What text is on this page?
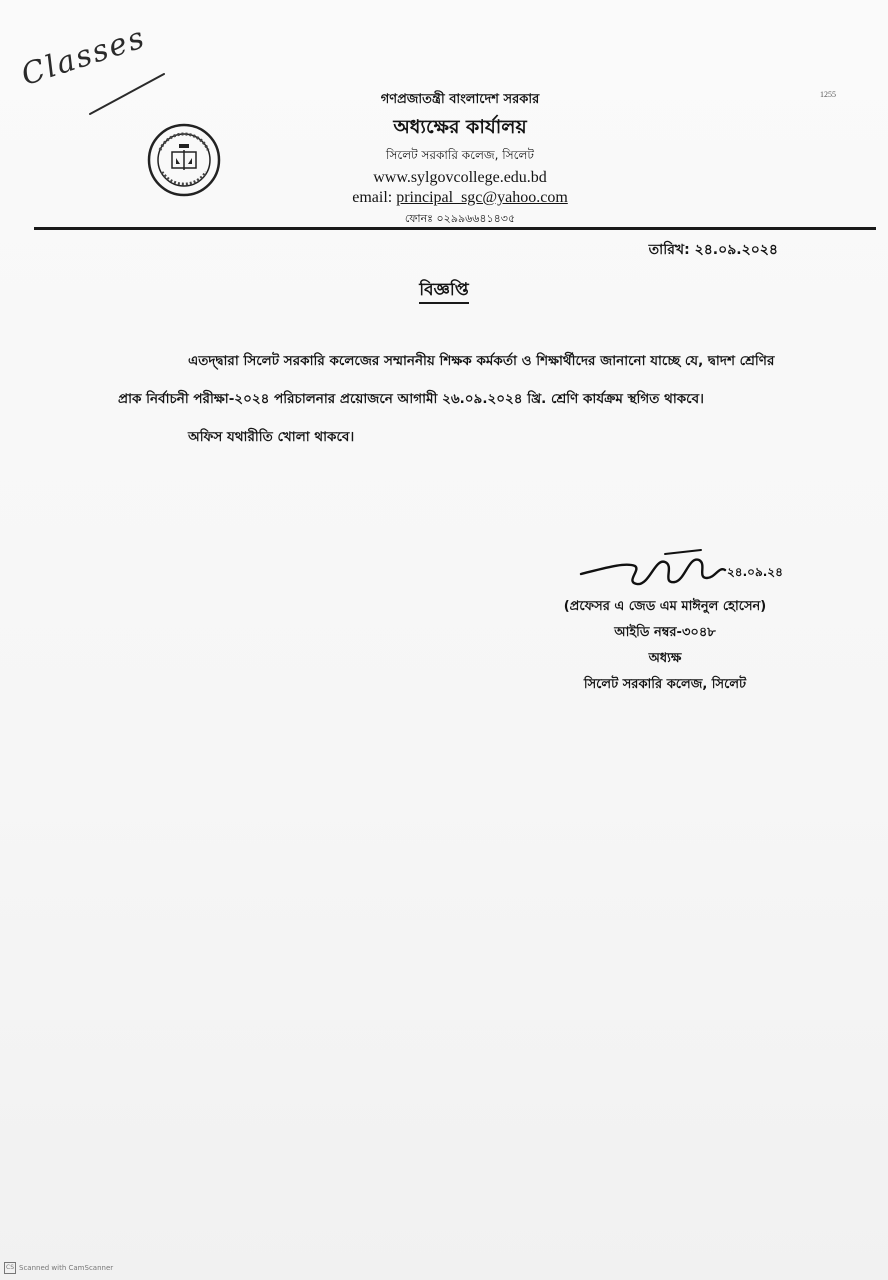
Classes

গণপ্রজাতন্ত্রী বাংলাদেশ সরকার

অধ্যক্ষের কার্যালয়

সিলেট সরকারি কলেজ, সিলেট

www.sylgovcollege.edu.bd

email: principal_sgc@yahoo.com

ফোনঃ ০২৯৯৬৬৪১৪৩৫

1255
তারিখ: ২৪.০৯.২০২৪
বিজ্ঞপ্তি

এতদ্দ্বারা সিলেট সরকারি কলেজের সম্মাননীয় শিক্ষক কর্মকর্তা ও শিক্ষার্থীদের জানানো যাচ্ছে যে, দ্বাদশ শ্রেণির প্রাক নির্বাচনী পরীক্ষা-২০২৪ পরিচালনার প্রয়োজনে আগামী ২৬.০৯.২০২৪ খ্রি. শ্রেণি কার্যক্রম স্থগিত থাকবে।

অফিস যথারীতি খোলা থাকবে।

২৪.০৯.২৪

(প্রফেসর এ জেড এম মাঈনুল হোসেন)

আইডি নম্বর-৩০৪৮

অধ্যক্ষ

সিলেট সরকারি কলেজ, সিলেট

CS Scanned with CamScanner
